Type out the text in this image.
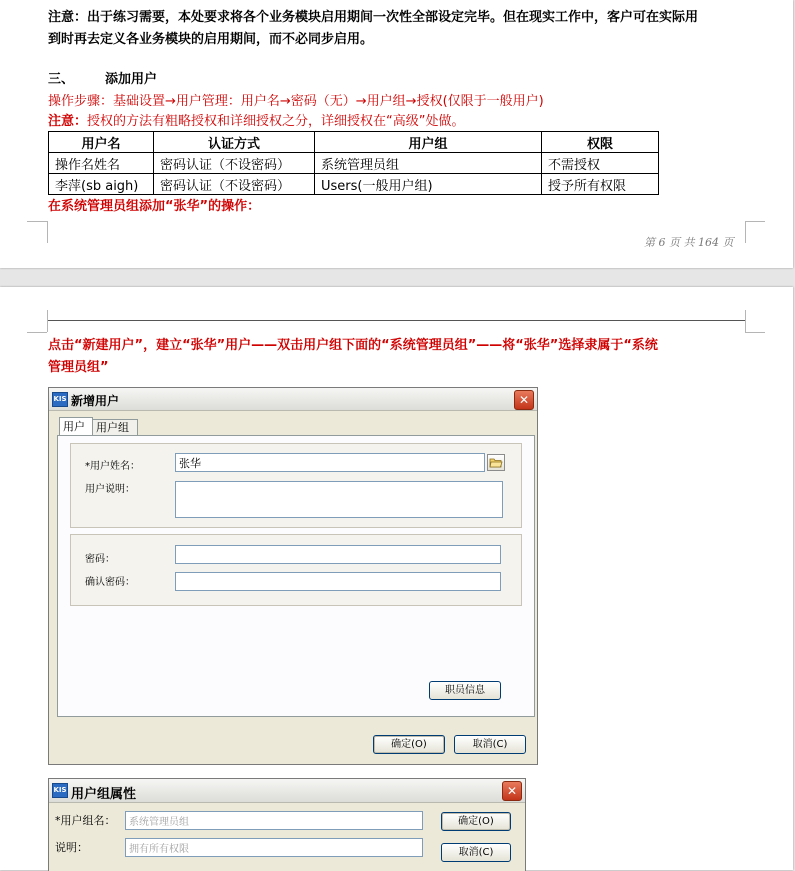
注意：出于练习需要，本处要求将各个业务模块启用期间一次性全部设定完毕。但在现实工作中，客户可在实际用
到时再去定义各业务模块的启用期间，而不必同步启用。
三、 添加用户
操作步骤：基础设置→用户管理：用户名→密码（无）→用户组→授权(仅限于一般用户)
注意：授权的方法有粗略授权和详细授权之分，详细授权在“高级”处做。
用户名	认证方式	用户组	权限
操作名姓名	密码认证（不设密码）	系统管理员组	不需授权
李萍(sb aigh)	密码认证（不设密码）	Users(一般用户组)	授予所有权限
在系统管理员组添加“张华”的操作：
第 6 页 共 164 页
点击“新建用户”，建立“张华”用户——双击用户组下面的“系统管理员组”——将“张华”选择隶属于“系统
管理员组”
KIS 新增用户	✕
用户	用户组
*用户姓名：	张华
用户说明：
密码：
确认密码：
职员信息
确定(O)	取消(C)
KIS 用户组属性	✕
*用户组名：	系统管理员组	确定(O)
说明：	拥有所有权限	取消(C)
